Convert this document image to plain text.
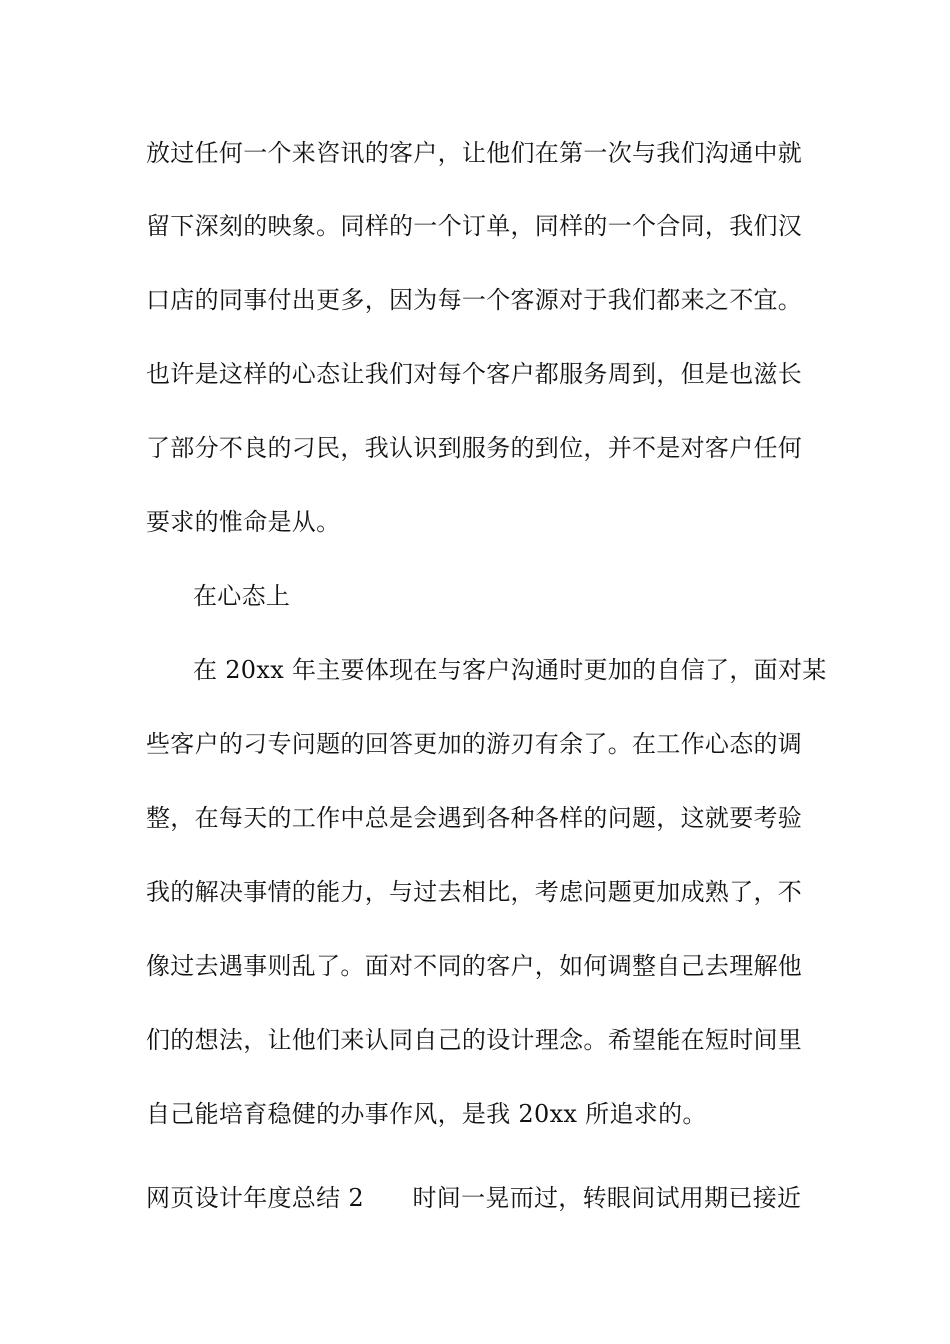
放过任何一个来咨讯的客户，让他们在第一次与我们沟通中就
留下深刻的映象。同样的一个订单，同样的一个合同，我们汉
口店的同事付出更多，因为每一个客源对于我们都来之不宜。
也许是这样的心态让我们对每个客户都服务周到，但是也滋长
了部分不良的刁民，我认识到服务的到位，并不是对客户任何
要求的惟命是从。
在心态上
在 20xx 年主要体现在与客户沟通时更加的自信了，面对某
些客户的刁专问题的回答更加的游刃有余了。在工作心态的调
整，在每天的工作中总是会遇到各种各样的问题，这就要考验
我的解决事情的能力，与过去相比，考虑问题更加成熟了，不
像过去遇事则乱了。面对不同的客户，如何调整自己去理解他
们的想法，让他们来认同自己的设计理念。希望能在短时间里
自己能培育稳健的办事作风，是我 20xx 所追求的。
网页设计年度总结 2　　时间一晃而过，转眼间试用期已接近
